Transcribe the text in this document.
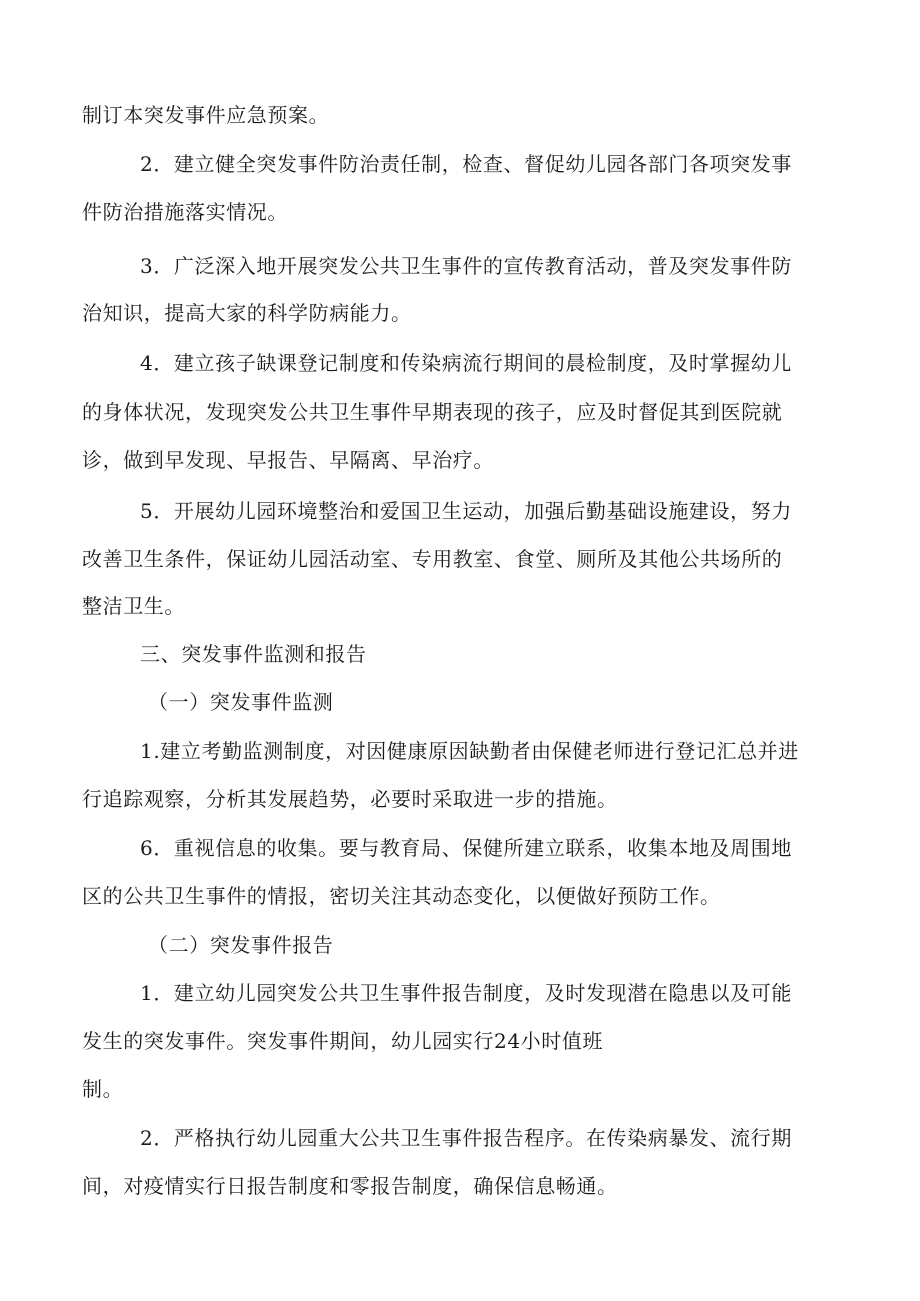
制订本突发事件应急预案。
2．建立健全突发事件防治责任制，检查、督促幼儿园各部门各项突发事
件防治措施落实情况。
3．广泛深入地开展突发公共卫生事件的宣传教育活动，普及突发事件防
治知识，提高大家的科学防病能力。
4．建立孩子缺课登记制度和传染病流行期间的晨检制度，及时掌握幼儿
的身体状况，发现突发公共卫生事件早期表现的孩子，应及时督促其到医院就
诊，做到早发现、早报告、早隔离、早治疗。
5．开展幼儿园环境整治和爱国卫生运动，加强后勤基础设施建设，努力
改善卫生条件，保证幼儿园活动室、专用教室、食堂、厕所及其他公共场所的
整洁卫生。
三、突发事件监测和报告
（一）突发事件监测
1.建立考勤监测制度，对因健康原因缺勤者由保健老师进行登记汇总并进
行追踪观察，分析其发展趋势，必要时采取进一步的措施。
6．重视信息的收集。要与教育局、保健所建立联系，收集本地及周围地
区的公共卫生事件的情报，密切关注其动态变化，以便做好预防工作。
（二）突发事件报告
1．建立幼儿园突发公共卫生事件报告制度，及时发现潜在隐患以及可能
发生的突发事件。突发事件期间，幼儿园实行24小时值班
制。
2．严格执行幼儿园重大公共卫生事件报告程序。在传染病暴发、流行期
间，对疫情实行日报告制度和零报告制度，确保信息畅通。
